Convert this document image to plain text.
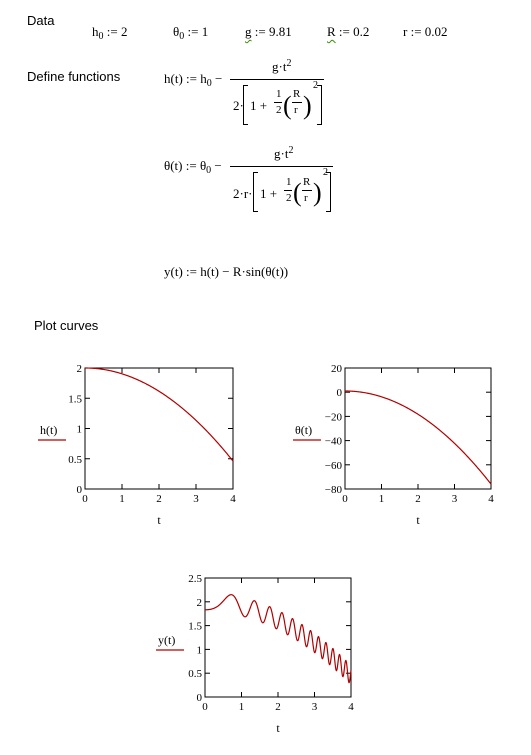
Data
$h_0$ := 2	$\theta_0$ := 1	g := 9.81	R := 0.2	r := 0.02
Define functions	h(t) := $h_0$ −
$g\cdot t^2$
2· 1 +
1
2 ( R
r )
2
θ(t) := $\theta_0$ −
$g\cdot t^2$
2·r· 1 +
1
2 ( R
r )
2
y(t) := h(t) − R·sin(θ(t))
Plot curves
0	1	2	3	4
0
0.5
1
1.5
2
t
h(t)
0	1	2	3	4
−80
−60
−40
−20
0
20
t
θ(t)
0	1	2	3	4
0
0.5
1
1.5
2
2.5
t
y(t)
